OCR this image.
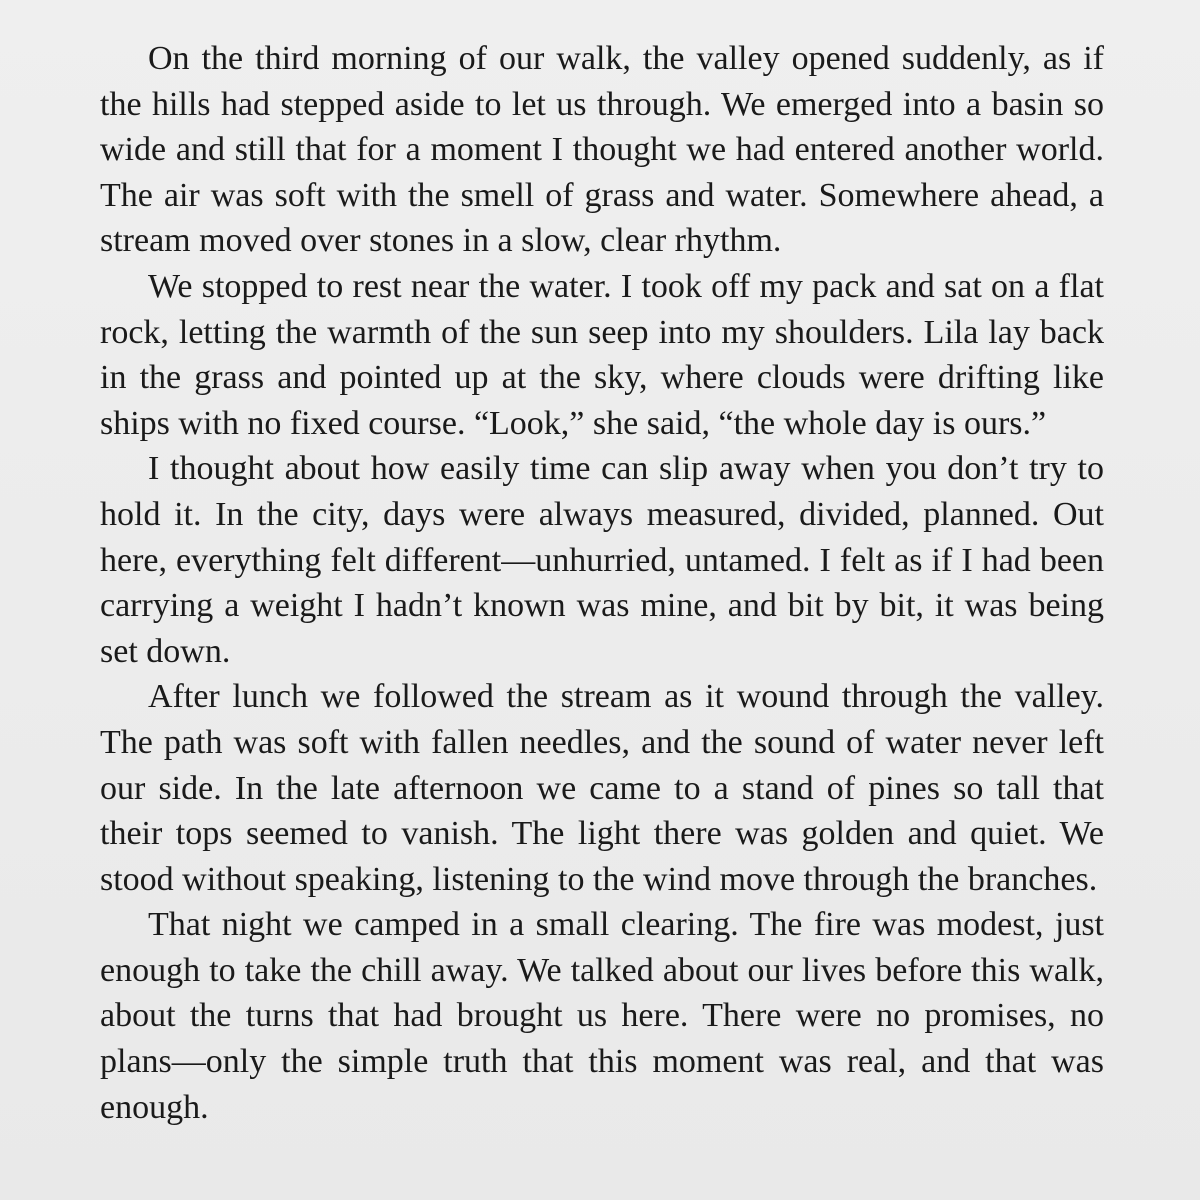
On the third morning of our walk, the valley opened suddenly, as if the hills had stepped aside to let us through. We emerged into a basin so wide and still that for a moment I thought we had entered another world. The air was soft with the smell of grass and water. Somewhere ahead, a stream moved over stones in a slow, clear rhythm.

We stopped to rest near the water. I took off my pack and sat on a flat rock, letting the warmth of the sun seep into my shoulders. Lila lay back in the grass and pointed up at the sky, where clouds were drifting like ships with no fixed course. “Look,” she said, “the whole day is ours.”

I thought about how easily time can slip away when you don’t try to hold it. In the city, days were always measured, divided, planned. Out here, everything felt different—unhurried, untamed. I felt as if I had been carrying a weight I hadn’t known was mine, and bit by bit, it was being set down.

After lunch we followed the stream as it wound through the valley. The path was soft with fallen needles, and the sound of water never left our side. In the late afternoon we came to a stand of pines so tall that their tops seemed to vanish. The light there was golden and quiet. We stood without speaking, listening to the wind move through the branches.

That night we camped in a small clearing. The fire was modest, just enough to take the chill away. We talked about our lives before this walk, about the turns that had brought us here. There were no promises, no plans—only the simple truth that this moment was real, and that was enough.
